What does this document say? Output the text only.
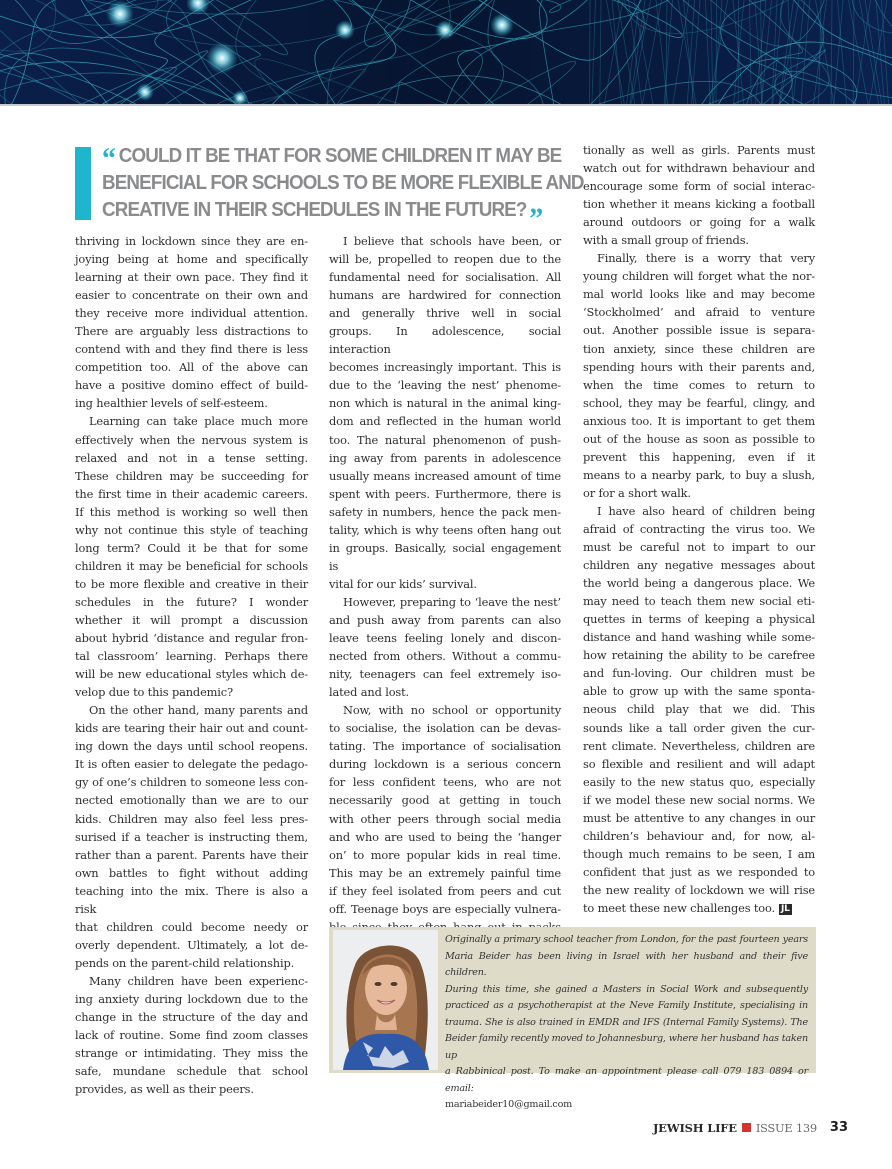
“ COULD IT BE THAT FOR SOME CHILDREN IT MAY BE
BENEFICIAL FOR SCHOOLS TO BE MORE FLEXIBLE AND
CREATIVE IN THEIR SCHEDULES IN THE FUTURE?”

thriving in lockdown since they are en-
joying being at home and specifically
learning at their own pace. They find it
easier to concentrate on their own and
they receive more individual attention.
There are arguably less distractions to
contend with and they find there is less
competition too. All of the above can
have a positive domino effect of build-
ing healthier levels of self-esteem.

Learning can take place much more
effectively when the nervous system is
relaxed and not in a tense setting.
These children may be succeeding for
the first time in their academic careers.
If this method is working so well then
why not continue this style of teaching
long term? Could it be that for some
children it may be beneficial for schools
to be more flexible and creative in their
schedules in the future? I wonder
whether it will prompt a discussion
about hybrid ‘distance and regular fron-
tal classroom’ learning. Perhaps there
will be new educational styles which de-
velop due to this pandemic?

On the other hand, many parents and
kids are tearing their hair out and count-
ing down the days until school reopens.
It is often easier to delegate the pedago-
gy of one’s children to someone less con-
nected emotionally than we are to our
kids. Children may also feel less pres-
surised if a teacher is instructing them,
rather than a parent. Parents have their
own battles to fight without adding
teaching into the mix. There is also a risk
that children could become needy or
overly dependent. Ultimately, a lot de-
pends on the parent-child relationship.

Many children have been experienc-
ing anxiety during lockdown due to the
change in the structure of the day and
lack of routine. Some find zoom classes
strange or intimidating. They miss the
safe, mundane schedule that school
provides, as well as their peers.

I believe that schools have been, or
will be, propelled to reopen due to the
fundamental need for socialisation. All
humans are hardwired for connection
and generally thrive well in social
groups. In adolescence, social interaction
becomes increasingly important. This is
due to the ‘leaving the nest’ phenome-
non which is natural in the animal king-
dom and reflected in the human world
too. The natural phenomenon of push-
ing away from parents in adolescence
usually means increased amount of time
spent with peers. Furthermore, there is
safety in numbers, hence the pack men-
tality, which is why teens often hang out
in groups. Basically, social engagement is
vital for our kids’ survival.

However, preparing to ‘leave the nest’
and push away from parents can also
leave teens feeling lonely and discon-
nected from others. Without a commu-
nity, teenagers can feel extremely iso-
lated and lost.

Now, with no school or opportunity
to socialise, the isolation can be devas-
tating. The importance of socialisation
during lockdown is a serious concern
for less confident teens, who are not
necessarily good at getting in touch
with other peers through social media
and who are used to being the ‘hanger
on’ to more popular kids in real time.
This may be an extremely painful time
if they feel isolated from peers and cut
off. Teenage boys are especially vulnera-

tionally as well as girls. Parents must
watch out for withdrawn behaviour and
encourage some form of social interac-
tion whether it means kicking a football
around outdoors or going for a walk
with a small group of friends.

Finally, there is a worry that very
young children will forget what the nor-
mal world looks like and may become
‘Stockholmed’ and afraid to venture
out. Another possible issue is separa-
tion anxiety, since these children are
spending hours with their parents and,
when the time comes to return to
school, they may be fearful, clingy, and
anxious too. It is important to get them
out of the house as soon as possible to
prevent this happening, even if it
means to a nearby park, to buy a slush,
or for a short walk.

I have also heard of children being
afraid of contracting the virus too. We
must be careful not to impart to our
children any negative messages about
the world being a dangerous place. We
may need to teach them new social eti-
quettes in terms of keeping a physical
distance and hand washing while some-
how retaining the ability to be carefree
and fun-loving. Our children must be
able to grow up with the same sponta-
neous child play that we did. This
sounds like a tall order given the cur-
rent climate. Nevertheless, children are
so flexible and resilient and will adapt
easily to the new status quo, especially
if we model these new social norms. We
must be attentive to any changes in our
children’s behaviour and, for now, al-
though much remains to be seen, I am
confident that just as we responded to
the new reality of lockdown we will rise
to meet these new challenges too. JL

Originally a primary school teacher from London, for the past fourteen years
Maria Beider has been living in Israel with her husband and their five children.
During this time, she gained a Masters in Social Work and subsequently
practiced as a psychotherapist at the Neve Family Institute, specialising in
trauma. She is also trained in EMDR and IFS (Internal Family Systems). The
Beider family recently moved to Johannesburg, where her husband has taken up
a Rabbinical post. To make an appointment please call 079 183 0894 or email:
mariabeider10@gmail.com
JEWISH LIFE ISSUE 139 33
